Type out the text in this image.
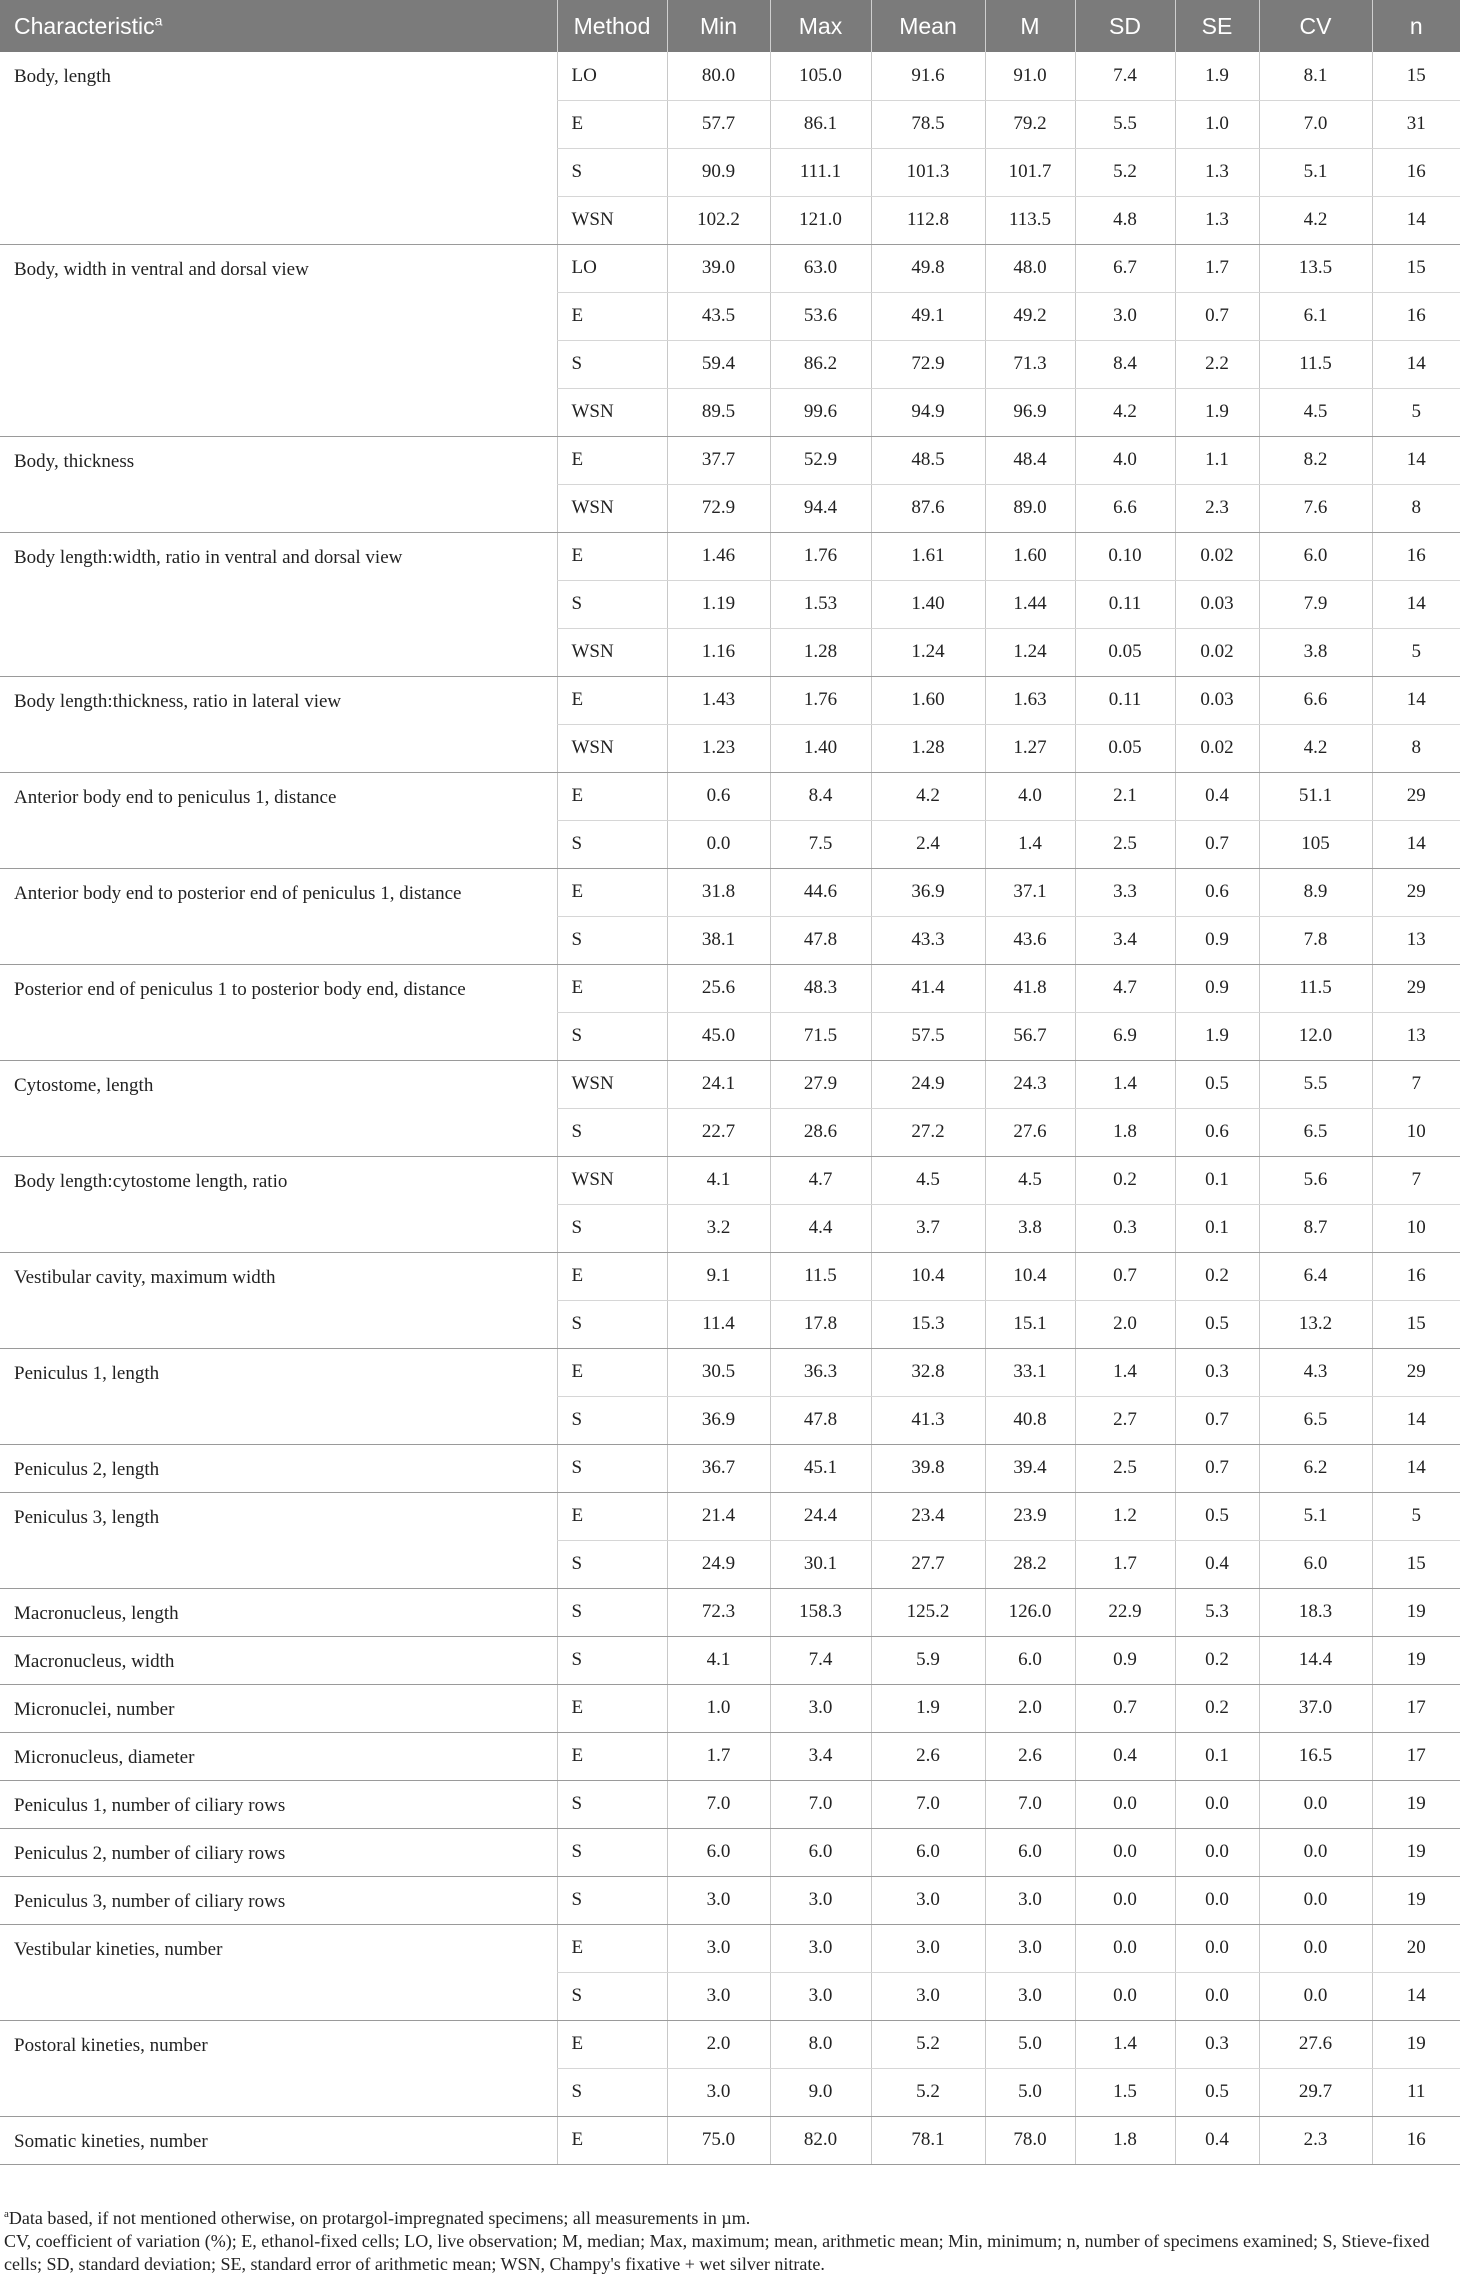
Characteristic$^a$	Method	Min	Max	Mean	M	SD	SE	CV	n
Body, length	LO	80.0	105.0	91.6	91.0	7.4	1.9	8.1	15
	E	57.7	86.1	78.5	79.2	5.5	1.0	7.0	31
	S	90.9	111.1	101.3	101.7	5.2	1.3	5.1	16
	WSN	102.2	121.0	112.8	113.5	4.8	1.3	4.2	14
Body, width in ventral and dorsal view	LO	39.0	63.0	49.8	48.0	6.7	1.7	13.5	15
	E	43.5	53.6	49.1	49.2	3.0	0.7	6.1	16
	S	59.4	86.2	72.9	71.3	8.4	2.2	11.5	14
	WSN	89.5	99.6	94.9	96.9	4.2	1.9	4.5	5
Body, thickness	E	37.7	52.9	48.5	48.4	4.0	1.1	8.2	14
	WSN	72.9	94.4	87.6	89.0	6.6	2.3	7.6	8
Body length:width, ratio in ventral and dorsal view	E	1.46	1.76	1.61	1.60	0.10	0.02	6.0	16
	S	1.19	1.53	1.40	1.44	0.11	0.03	7.9	14
	WSN	1.16	1.28	1.24	1.24	0.05	0.02	3.8	5
Body length:thickness, ratio in lateral view	E	1.43	1.76	1.60	1.63	0.11	0.03	6.6	14
	WSN	1.23	1.40	1.28	1.27	0.05	0.02	4.2	8
Anterior body end to peniculus 1, distance	E	0.6	8.4	4.2	4.0	2.1	0.4	51.1	29
	S	0.0	7.5	2.4	1.4	2.5	0.7	105	14
Anterior body end to posterior end of peniculus 1, distance	E	31.8	44.6	36.9	37.1	3.3	0.6	8.9	29
	S	38.1	47.8	43.3	43.6	3.4	0.9	7.8	13
Posterior end of peniculus 1 to posterior body end, distance	E	25.6	48.3	41.4	41.8	4.7	0.9	11.5	29
	S	45.0	71.5	57.5	56.7	6.9	1.9	12.0	13
Cytostome, length	WSN	24.1	27.9	24.9	24.3	1.4	0.5	5.5	7
	S	22.7	28.6	27.2	27.6	1.8	0.6	6.5	10
Body length:cytostome length, ratio	WSN	4.1	4.7	4.5	4.5	0.2	0.1	5.6	7
	S	3.2	4.4	3.7	3.8	0.3	0.1	8.7	10
Vestibular cavity, maximum width	E	9.1	11.5	10.4	10.4	0.7	0.2	6.4	16
	S	11.4	17.8	15.3	15.1	2.0	0.5	13.2	15
Peniculus 1, length	E	30.5	36.3	32.8	33.1	1.4	0.3	4.3	29
	S	36.9	47.8	41.3	40.8	2.7	0.7	6.5	14
Peniculus 2, length	S	36.7	45.1	39.8	39.4	2.5	0.7	6.2	14
Peniculus 3, length	E	21.4	24.4	23.4	23.9	1.2	0.5	5.1	5
	S	24.9	30.1	27.7	28.2	1.7	0.4	6.0	15
Macronucleus, length	S	72.3	158.3	125.2	126.0	22.9	5.3	18.3	19
Macronucleus, width	S	4.1	7.4	5.9	6.0	0.9	0.2	14.4	19
Micronuclei, number	E	1.0	3.0	1.9	2.0	0.7	0.2	37.0	17
Micronucleus, diameter	E	1.7	3.4	2.6	2.6	0.4	0.1	16.5	17
Peniculus 1, number of ciliary rows	S	7.0	7.0	7.0	7.0	0.0	0.0	0.0	19
Peniculus 2, number of ciliary rows	S	6.0	6.0	6.0	6.0	0.0	0.0	0.0	19
Peniculus 3, number of ciliary rows	S	3.0	3.0	3.0	3.0	0.0	0.0	0.0	19
Vestibular kineties, number	E	3.0	3.0	3.0	3.0	0.0	0.0	0.0	20
	S	3.0	3.0	3.0	3.0	0.0	0.0	0.0	14
Postoral kineties, number	E	2.0	8.0	5.2	5.0	1.4	0.3	27.6	19
	S	3.0	9.0	5.2	5.0	1.5	0.5	29.7	11
Somatic kineties, number	E	75.0	82.0	78.1	78.0	1.8	0.4	2.3	16

$^a$Data based, if not mentioned otherwise, on protargol-impregnated specimens; all measurements in µm.

CV, coefficient of variation (%); E, ethanol-fixed cells; LO, live observation; M, median; Max, maximum; mean, arithmetic mean; Min, minimum; n, number of specimens examined; S, Stieve-fixed cells; SD, standard deviation; SE, standard error of arithmetic mean; WSN, Champy's fixative + wet silver nitrate.
